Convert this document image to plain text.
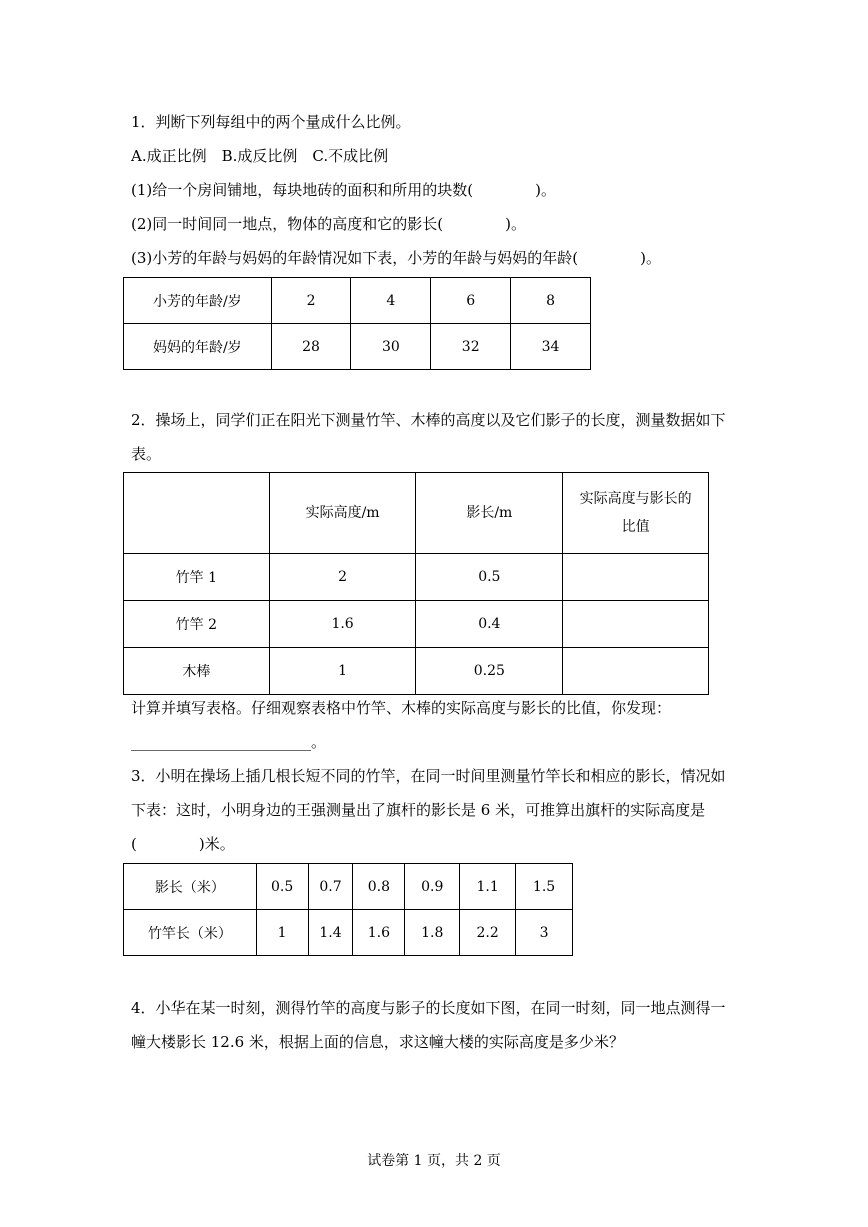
1．判断下列每组中的两个量成什么比例。
A.成正比例　B.成反比例　C.不成比例
(1)给一个房间铺地，每块地砖的面积和所用的块数(	)。
(2)同一时间同一地点，物体的高度和它的影长(	)。
(3)小芳的年龄与妈妈的年龄情况如下表，小芳的年龄与妈妈的年龄(	)。
小芳的年龄/岁	2	4	6	8
妈妈的年龄/岁	28	30	32	34
2．操场上，同学们正在阳光下测量竹竿、木棒的高度以及它们影子的长度，测量数据如下
表。
	实际高度/m	影长/m	实际高度与影长的比值
竹竿 1	2	0.5	
竹竿 2	1.6	0.4	
木棒	1	0.25	
计算并填写表格。仔细观察表格中竹竿、木棒的实际高度与影长的比值，你发现：
________________________。
3．小明在操场上插几根长短不同的竹竿，在同一时间里测量竹竿长和相应的影长，情况如
下表：这时，小明身边的王强测量出了旗杆的影长是 6 米，可推算出旗杆的实际高度是
(	)米。
影长（米）	0.5	0.7	0.8	0.9	1.1	1.5
竹竿长（米）	1	1.4	1.6	1.8	2.2	3
4．小华在某一时刻，测得竹竿的高度与影子的长度如下图，在同一时刻，同一地点测得一
幢大楼影长 12.6 米，根据上面的信息，求这幢大楼的实际高度是多少米？
试卷第 1 页，共 2 页
